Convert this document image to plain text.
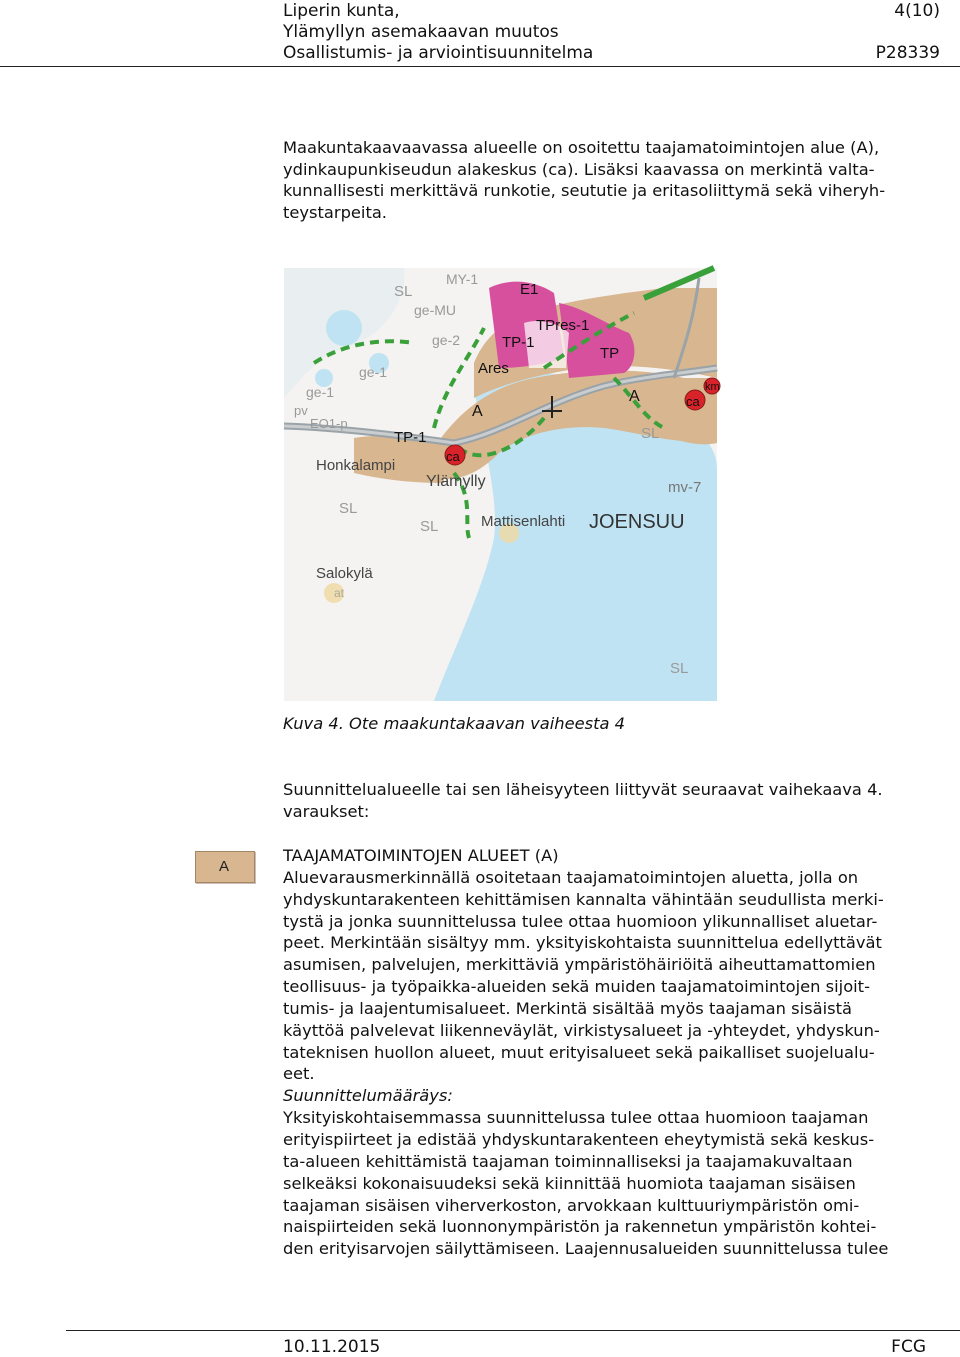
Liperin kunta,
Ylämyllyn asemakaavan muutos
Osallistumis- ja arviointisuunnitelma
4(10)
P28339
Maakuntakaavaavassa alueelle on osoitettu taajamatoimintojen alue (A),
ydinkaupunkiseudun alakeskus (ca). Lisäksi kaavassa on merkintä valta-
kunnallisesti merkittävä runkotie, seututie ja eritasoliittymä sekä viheryh-
teystarpeita.
E1
TPres-1
TP-1
TP
Ares
A
A
ca
ca
km
TP-1
Honkalampi
Ylämylly	mv-7
Mattisenlahti JOENSUU
Salokylä
at
SL
SL
SL
SL
SL
ge-1
ge-1
ge-MU
ge-2
pv
EO1-p
MY-1
Kuva 4. Ote maakuntakaavan vaiheesta 4
Suunnittelualueelle tai sen läheisyyteen liittyvät seuraavat vaihekaava 4.
varaukset:
A
TAAJAMATOIMINTOJEN ALUEET (A)
Aluevarausmerkinnällä osoitetaan taajamatoimintojen aluetta, jolla on
yhdyskuntarakenteen kehittämisen kannalta vähintään seudullista merki-
tystä ja jonka suunnittelussa tulee ottaa huomioon ylikunnalliset aluetar-
peet. Merkintään sisältyy mm. yksityiskohtaista suunnittelua edellyttävät
asumisen, palvelujen, merkittäviä ympäristöhäiriöitä aiheuttamattomien
teollisuus- ja työpaikka-alueiden sekä muiden taajamatoimintojen sijoit-
tumis- ja laajentumisalueet. Merkintä sisältää myös taajaman sisäistä
käyttöä palvelevat liikenneväylät, virkistysalueet ja -yhteydet, yhdyskun-
tateknisen huollon alueet, muut erityisalueet sekä paikalliset suojelualu-
eet.
Suunnittelumääräys:
Yksityiskohtaisemmassa suunnittelussa tulee ottaa huomioon taajaman
erityispiirteet ja edistää yhdyskuntarakenteen eheytymistä sekä keskus-
ta-alueen kehittämistä taajaman toiminnalliseksi ja taajamakuvaltaan
selkeäksi kokonaisuudeksi sekä kiinnittää huomiota taajaman sisäisen
taajaman sisäisen viherverkoston, arvokkaan kulttuuriympäristön omi-
naispiirteiden sekä luonnonympäristön ja rakennetun ympäristön kohtei-
den erityisarvojen säilyttämiseen. Laajennusalueiden suunnittelussa tulee
10.11.2015	FCG
